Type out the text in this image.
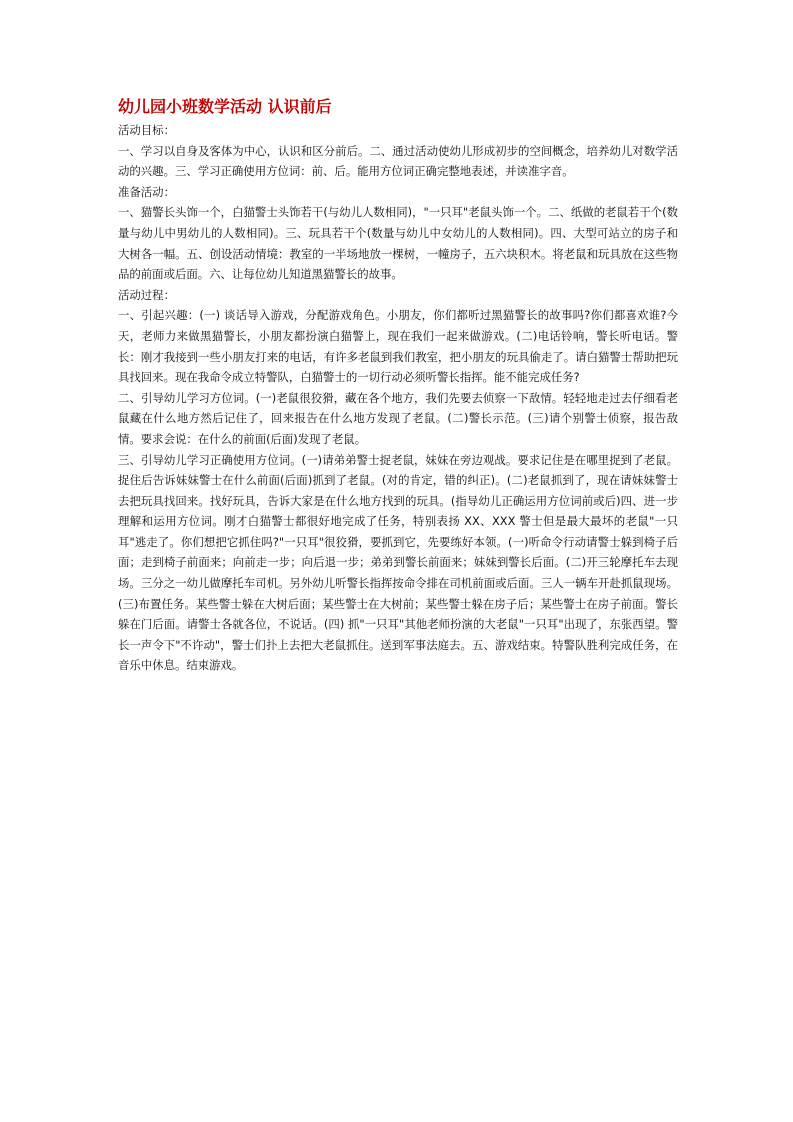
幼儿园小班数学活动 认识前后

活动目标：

一、学习以自身及客体为中心，认识和区分前后。二、通过活动使幼儿形成初步的空间概念，培养幼儿对数学活动的兴趣。三、学习正确使用方位词：前、后。能用方位词正确完整地表述，并读准字音。

准备活动：

一、猫警长头饰一个，白猫警士头饰若干(与幼儿人数相同)，"一只耳"老鼠头饰一个。二、纸做的老鼠若干个(数量与幼儿中男幼儿的人数相同)。三、玩具若干个(数量与幼儿中女幼儿的人数相同)。四、大型可站立的房子和大树各一幅。五、创设活动情境：教室的一半场地放一棵树，一幢房子，五六块积木。将老鼠和玩具放在这些物品的前面或后面。六、让每位幼儿知道黑猫警长的故事。

活动过程：

一、引起兴趣：(一) 谈话导入游戏，分配游戏角色。小朋友，你们都听过黑猫警长的故事吗?你们都喜欢谁?今天，老师力来做黑猫警长，小朋友都扮演白猫警上，现在我们一起来做游戏。(二)电话铃响，警长听电话。警长：刚才我接到一些小朋友打来的电话，有许多老鼠到我们教室，把小朋友的玩具偷走了。请白猫警士帮助把玩具找回来。现在我命令成立特警队，白猫警士的一切行动必须听警长指挥。能不能完成任务?

二、引导幼儿学习方位词。(一)老鼠很狡猾，藏在各个地方，我们先要去侦察一下敌情。轻轻地走过去仔细看老鼠藏在什么地方然后记住了，回来报告在什么地方发现了老鼠。(二)警长示范。(三)请个别警士侦察，报告敌情。要求会说：在什么的前面(后面)发现了老鼠。

三、引导幼儿学习正确使用方位词。(一)请弟弟警士捉老鼠，妹妹在旁边观战。要求记住是在哪里捉到了老鼠。捉住后告诉妹妹警士在什么前面(后面)抓到了老鼠。(对的肯定，错的纠正)。(二)老鼠抓到了，现在请妹妹警士去把玩具找回来。找好玩具，告诉大家是在什么地方找到的玩具。(指导幼儿正确运用方位词前或后)四、进一步理解和运用方位词。刚才白猫警士都很好地完成了任务，特别表扬 XX、XXX 警士但是最大最坏的老鼠"一只耳"逃走了。你们想把它抓住吗?"一只耳"很狡猾，要抓到它，先要练好本领。(一)听命令行动请警士躲到椅子后面；走到椅子前面来；向前走一步；向后退一步；弟弟到警长前面来；妹妹到警长后面。(二)开三轮摩托车去现场。三分之一幼儿做摩托车司机。另外幼儿听警长指挥按命令排在司机前面或后面。三人一辆车开赴抓鼠现场。(三)布置任务。某些警士躲在大树后面；某些警士在大树前；某些警士躲在房子后；某些警士在房子前面。警长躲在门后面。请警士各就各位，不说话。(四) 抓"一只耳"其他老师扮演的大老鼠"一只耳"出现了，东张西望。警长一声令下"不许动"，警士们扑上去把大老鼠抓住。送到军事法庭去。五、游戏结束。特警队胜利完成任务，在音乐中休息。结束游戏。
